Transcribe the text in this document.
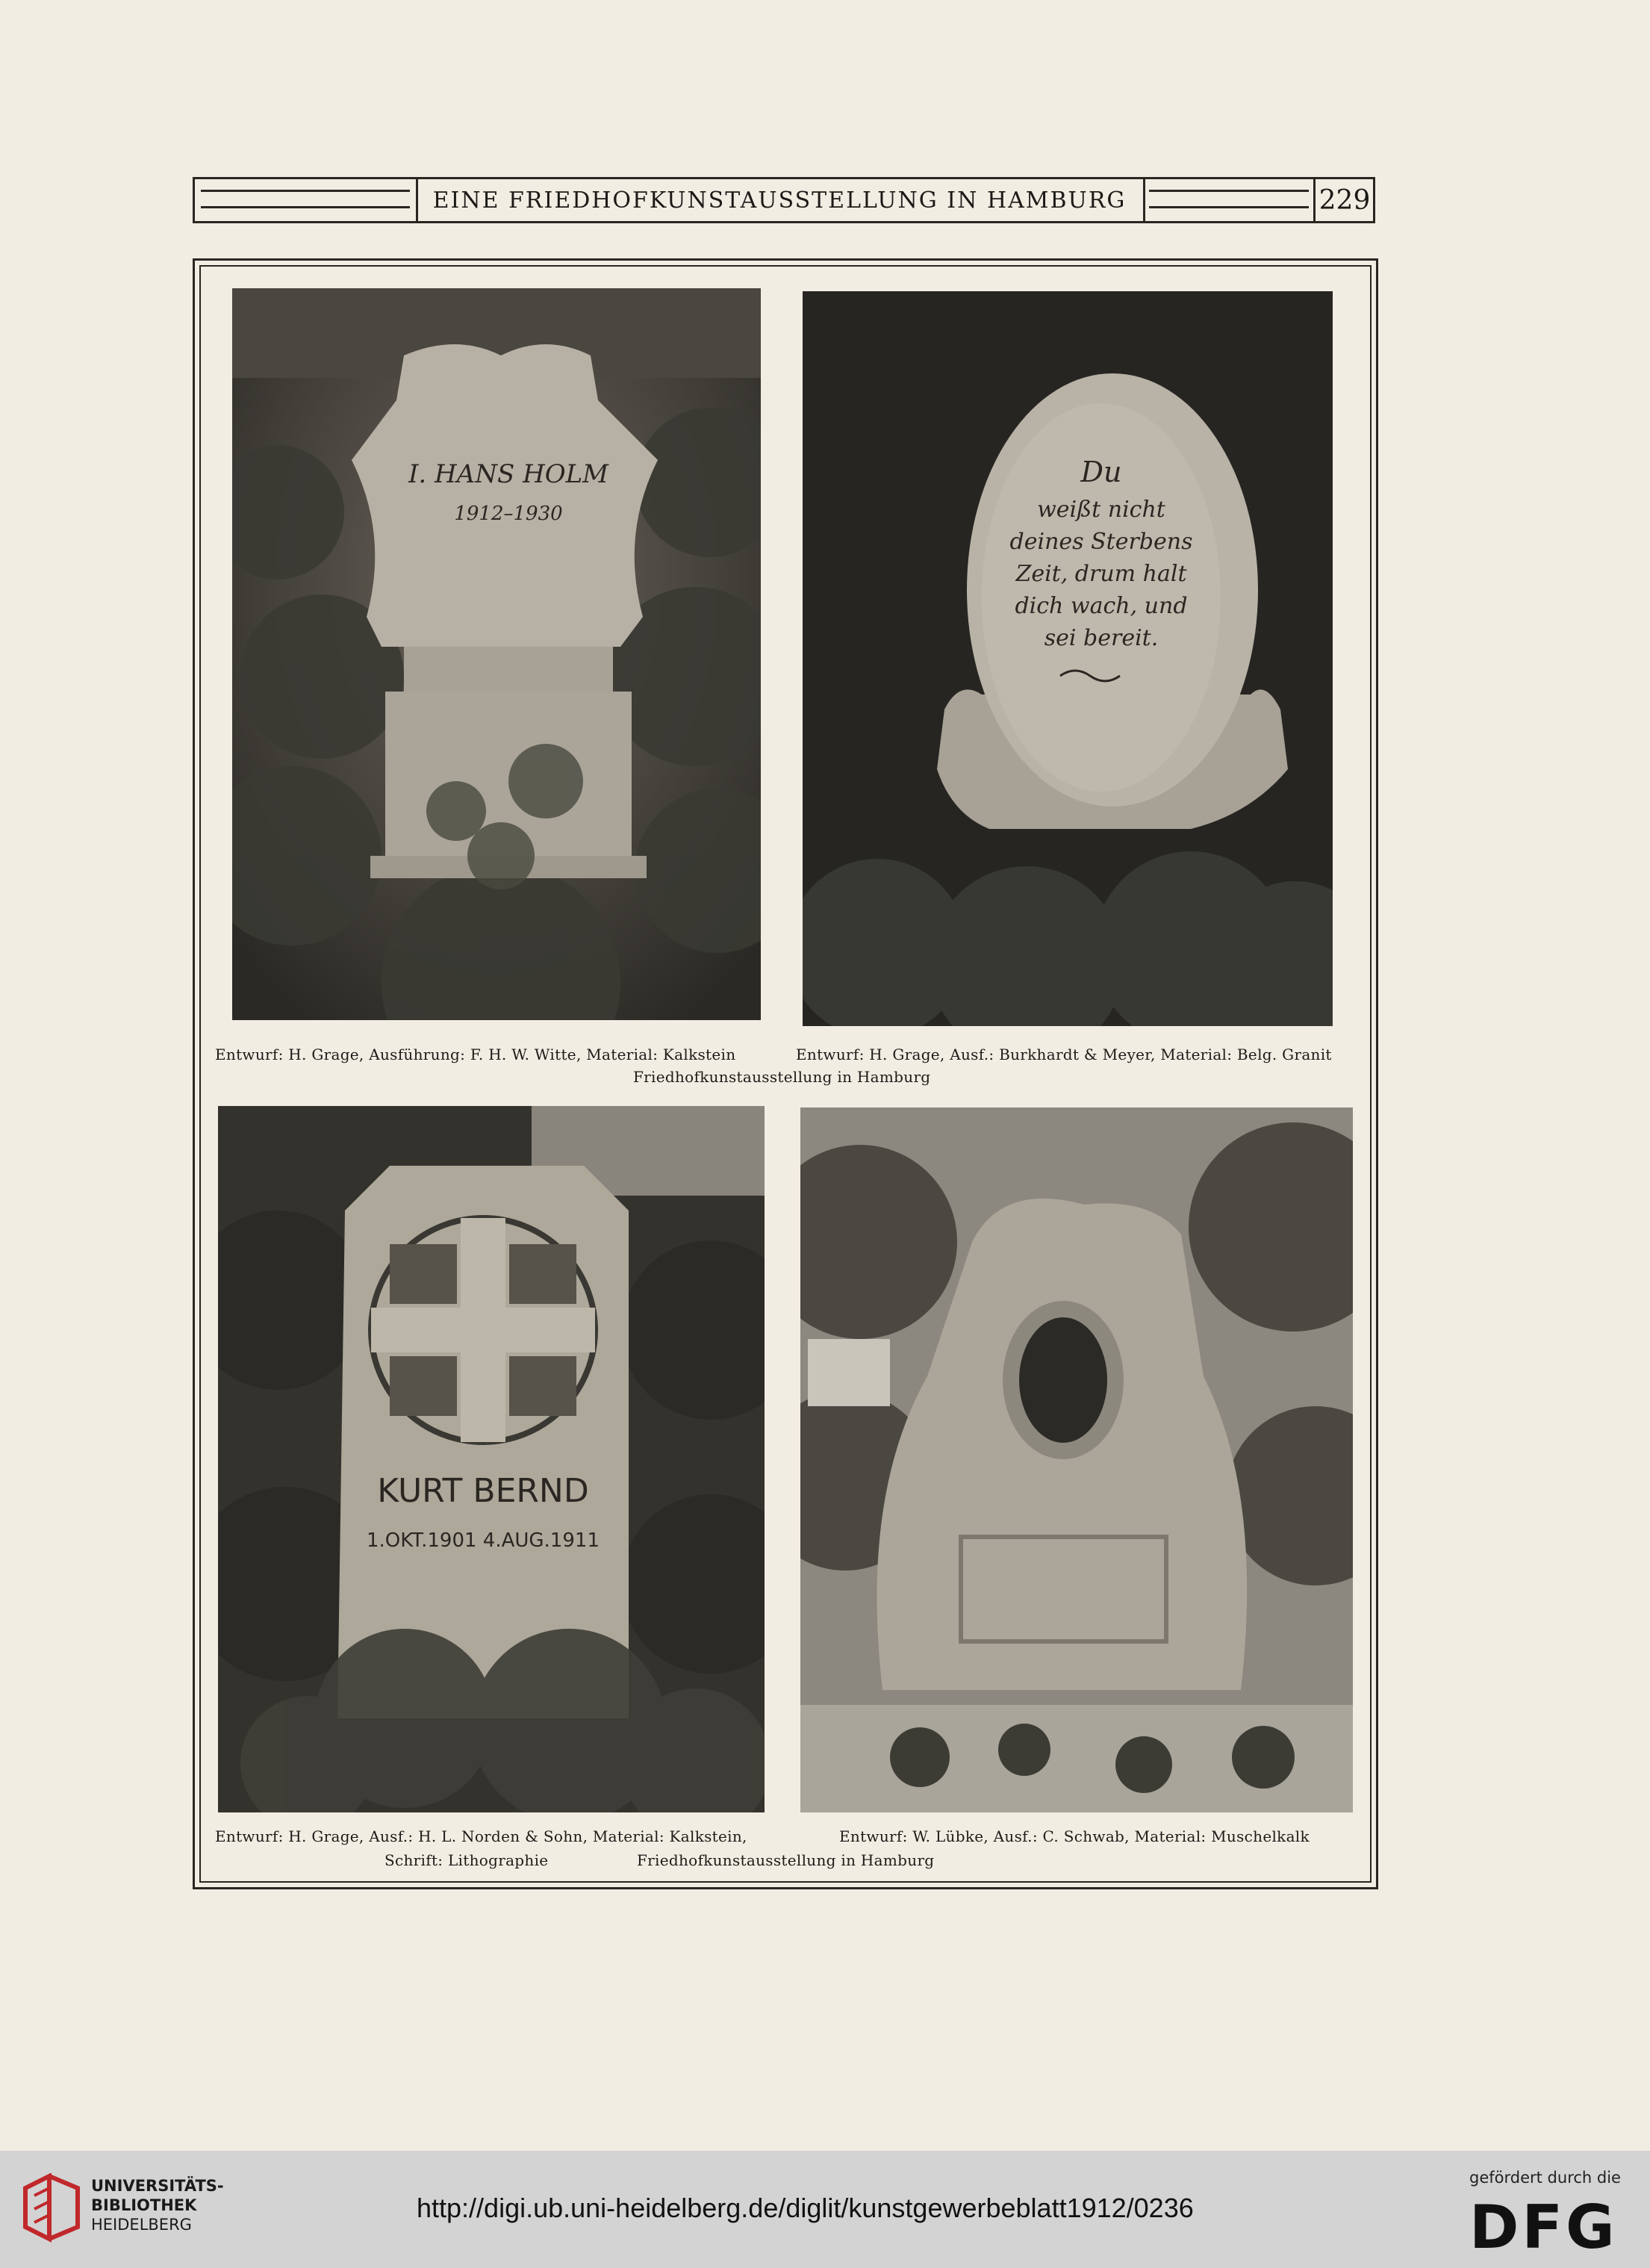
EINE FRIEDHOFKUNSTAUSSTELLUNG IN HAMBURG	229
I. HANS HOLM
1912–1930
Du
weißt nicht
deines Sterbens
Zeit, drum halt
dich wach, und
sei bereit.
KURT BERND
1.OKT.1901 4.AUG.1911
Entwurf: H. Grage, Ausführung: F. H. W. Witte, Material: Kalkstein	Entwurf: H. Grage, Ausf.: Burkhardt & Meyer, Material: Belg. Granit
Friedhofkunstausstellung in Hamburg
Entwurf: H. Grage, Ausf.: H. L. Norden & Sohn, Material: Kalkstein,	Entwurf: W. Lübke, Ausf.: C. Schwab, Material: Muschelkalk
Schrift: Lithographie	Friedhofkunstausstellung in Hamburg
UNIVERSITÄTS-
BIBLIOTHEK
HEIDELBERG
http://digi.ub.uni-heidelberg.de/diglit/kunstgewerbeblatt1912/0236
gefördert durch die
DFG
